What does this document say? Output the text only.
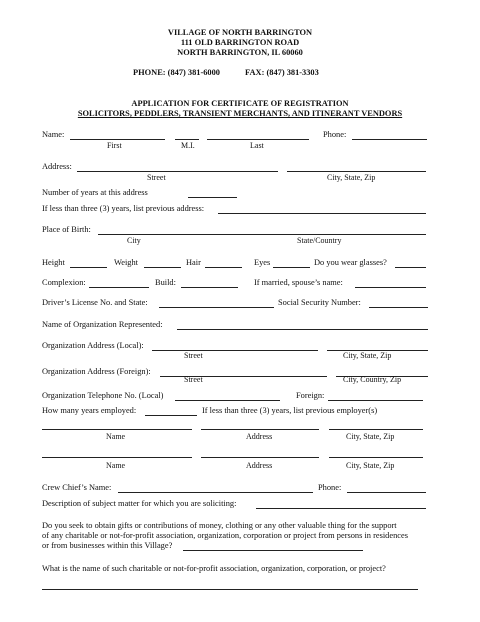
VILLAGE OF NORTH BARRINGTON
111 OLD BARRINGTON ROAD
NORTH BARRINGTON, IL 60060
PHONE: (847) 381-6000	FAX: (847) 381-3303
APPLICATION FOR CERTIFICATE OF REGISTRATION
SOLICITORS, PEDDLERS, TRANSIENT MERCHANTS, AND ITINERANT VENDORS
Name:	Phone:
First	M.I.	Last
Address:
Street	City, State, Zip
Number of years at this address
If less than three (3) years, list previous address:
Place of Birth:
City	State/Country
Height	Weight	Hair	Eyes	Do you wear glasses?
Complexion:	Build:	If married, spouse’s name:
Driver’s License No. and State:	Social Security Number:
Name of Organization Represented:
Organization Address (Local):
Street	City, State, Zip
Organization Address (Foreign):
Street	City, Country, Zip
Organization Telephone No. (Local)	Foreign:
How many years employed:	If less than three (3) years, list previous employer(s)
Name	Address	City, State, Zip
Name	Address	City, State, Zip
Crew Chief’s Name:	Phone:
Description of subject matter for which you are soliciting:
Do you seek to obtain gifts or contributions of money, clothing or any other valuable thing for the support
of any charitable or not-for-profit association, organization, corporation or project from persons in residences
or from businesses within this Village?
What is the name of such charitable or not-for-profit association, organization, corporation, or project?
